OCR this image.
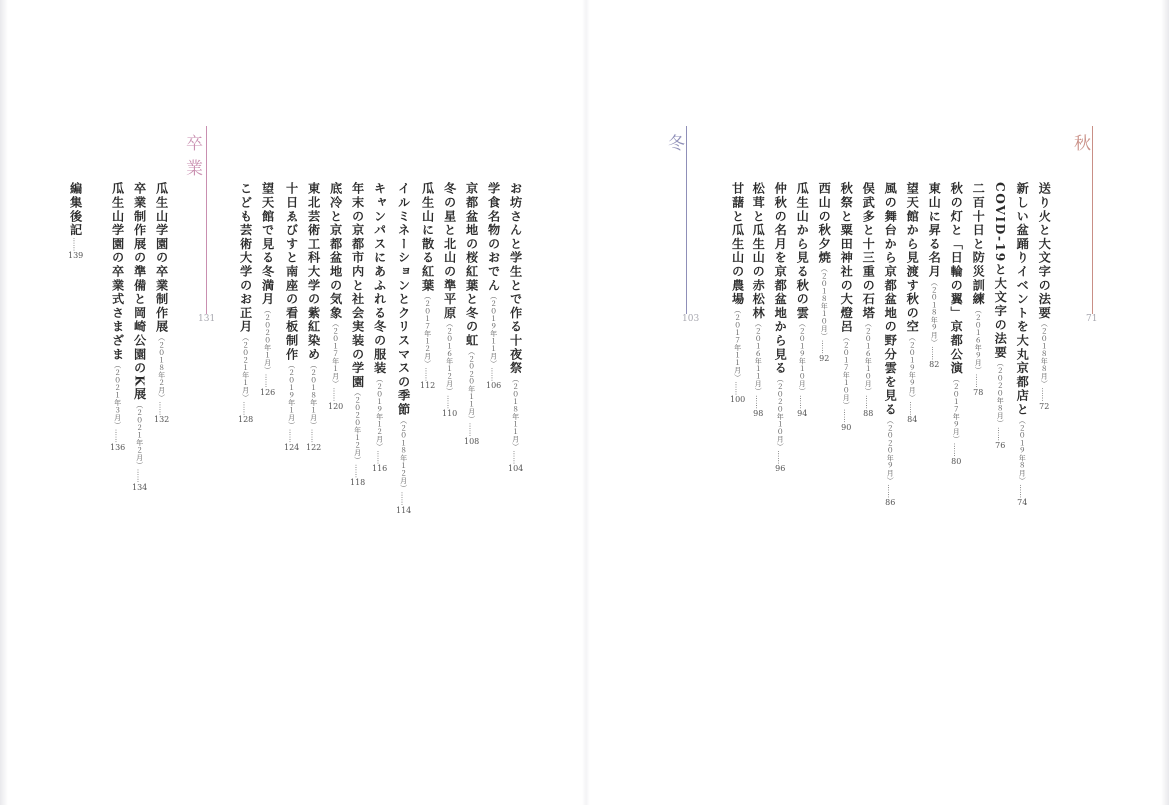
秋
71
冬
103
卒業
131	送り火と大文字の法要（２０１８年８月）……72
新しい盆踊りイベントを大丸京都店と（２０１９年８月）……74
COVID-19と大文字の法要（２０２０年８月）……76
二百十日と防災訓練（２０１６年９月）……78
秋の灯と「日輪の翼」京都公演（２０１７年９月）……80
東山に昇る名月（２０１８年９月）……82
望天館から見渡す秋の空（２０１９年９月）……84
風の舞台から京都盆地の野分雲を見る（２０２０年９月）……86
俣武多と十三重の石塔（２０１６年１０月）……88
秋祭と粟田神社の大燈呂（２０１７年１０月）……90
西山の秋夕焼（２０１８年１０月）……92
瓜生山から見る秋の雲（２０１９年１０月）……94
仲秋の名月を京都盆地から見る（２０２０年１０月）……96
松茸と瓜生山の赤松林（２０１６年１１月）……98
甘藷と瓜生山の農場（２０１７年１１月）……100
お坊さんと学生とで作る十夜祭（２０１８年１１月）……104
学食名物のおでん（２０１９年１１月）……106
京都盆地の桜紅葉と冬の虹（２０２０年１１月）……108
冬の星と北山の準平原（２０１６年１２月）……110
瓜生山に散る紅葉（２０１７年１２月）……112
イルミネーションとクリスマスの季節（２０１８年１２月）……114
キャンパスにあふれる冬の服装（２０１９年１２月）……116
年末の京都市内と社会実装の学園（２０２０年１２月）……118
底冷と京都盆地の気象（２０１７年１月）……120
東北芸術工科大学の紫紅染め（２０１８年１月）……122
十日ゑびすと南座の看板制作（２０１９年１月）……124
望天館で見る冬満月（２０２０年１月）……126
こども芸術大学のお正月（２０２１年１月）……128
瓜生山学園の卒業制作展（２０１８年２月）……132
卒業制作展の準備と岡崎公園のK展（２０２１年２月）……134
瓜生山学園の卒業式さまざま（２０２１年３月）……136
編集後記……139
